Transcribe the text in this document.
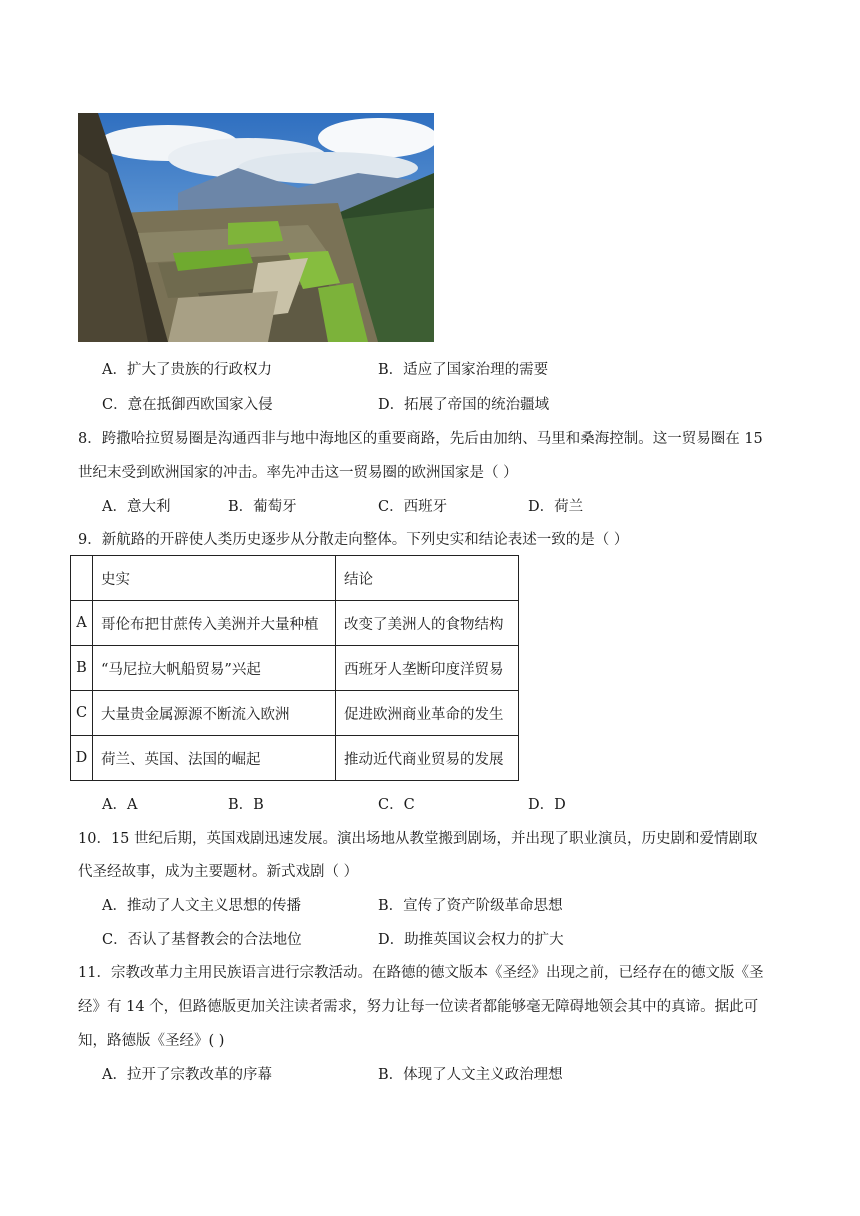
A．扩大了贵族的行政权力	B．适应了国家治理的需要
C．意在抵御西欧国家入侵	D．拓展了帝国的统治疆域
8．跨撒哈拉贸易圈是沟通西非与地中海地区的重要商路，先后由加纳、马里和桑海控制。这一贸易圈在 15
世纪末受到欧洲国家的冲击。率先冲击这一贸易圈的欧洲国家是（ ）
A．意大利	B．葡萄牙	C．西班牙	D．荷兰
9．新航路的开辟使人类历史逐步从分散走向整体。下列史实和结论表述一致的是（ ）
	史实	结论
A	哥伦布把甘蔗传入美洲并大量种植	改变了美洲人的食物结构
B	“马尼拉大帆船贸易”兴起	西班牙人垄断印度洋贸易
C	大量贵金属源源不断流入欧洲	促进欧洲商业革命的发生
D	荷兰、英国、法国的崛起	推动近代商业贸易的发展
A．A	B．B	C．C	D．D
10．15 世纪后期，英国戏剧迅速发展。演出场地从教堂搬到剧场，并出现了职业演员，历史剧和爱情剧取
代圣经故事，成为主要题材。新式戏剧（ ）
A．推动了人文主义思想的传播	B．宣传了资产阶级革命思想
C．否认了基督教会的合法地位	D．助推英国议会权力的扩大
11．宗教改革力主用民族语言进行宗教活动。在路德的德文版本《圣经》出现之前，已经存在的德文版《圣
经》有 14 个，但路德版更加关注读者需求，努力让每一位读者都能够毫无障碍地领会其中的真谛。据此可
知，路德版《圣经》( )
A．拉开了宗教改革的序幕	B．体现了人文主义政治理想
